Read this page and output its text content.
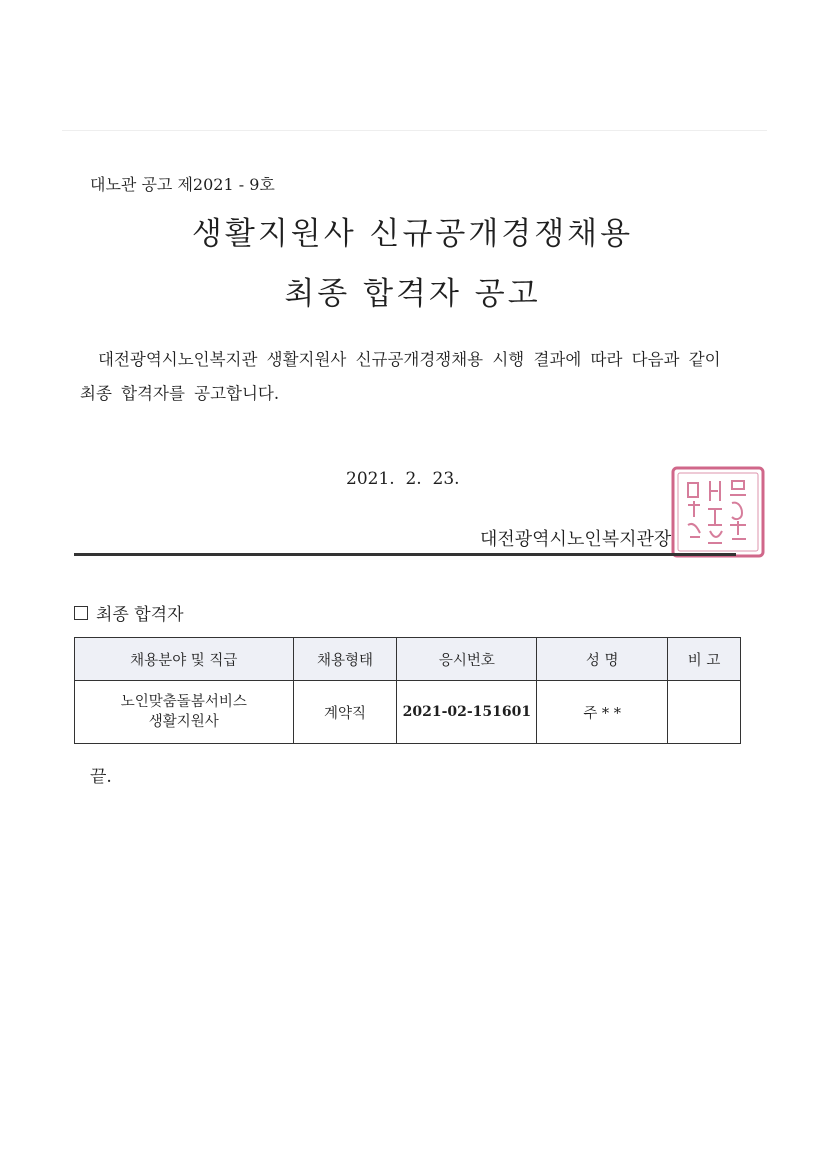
대노관 공고 제2021 - 9호
생활지원사 신규공개경쟁채용
최종 합격자 공고

대전광역시노인복지관 생활지원사 신규공개경쟁채용 시행 결과에 따라 다음과 같이 최종 합격자를 공고합니다.

2021.  2.  23.
대전광역시노인복지관장
최종 합격자
채용분야 및 직급	채용형태	응시번호	성 명	비 고

노인맞춤돌봄서비스
생활지원사	계약직	2021-02-151601	주 * *	
끝.
